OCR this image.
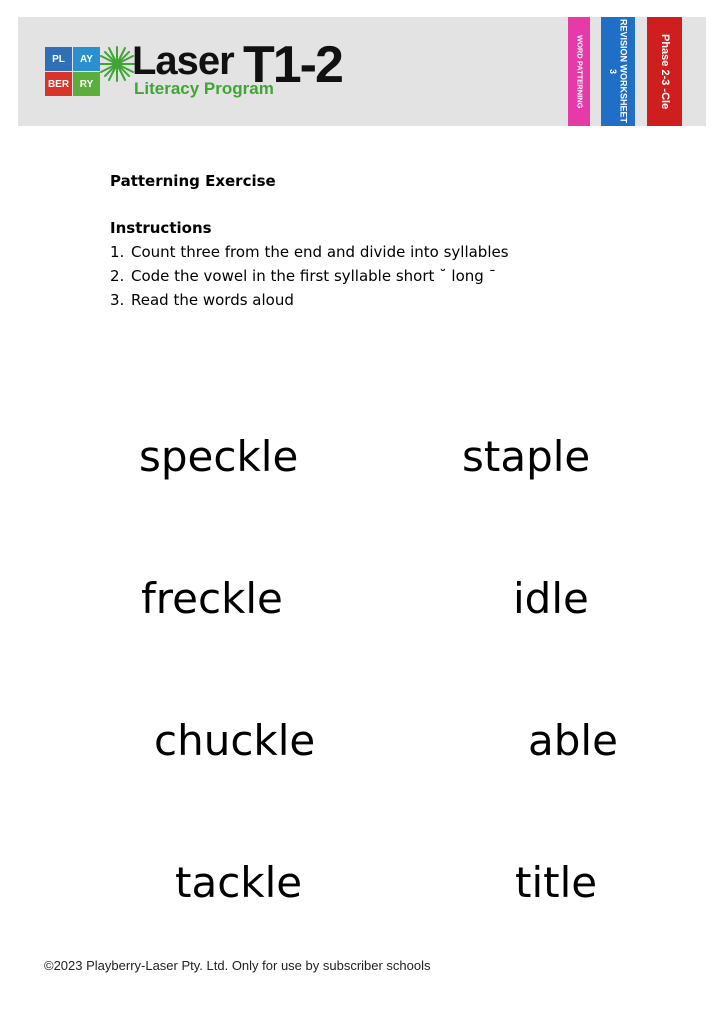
PL	AY
BER	RY
Laser T1-2
Literacy Program	WORD PATTERNING	REVISION WORKSHEET 3	Phase 2-3 -Cle
Patterning Exercise
Instructions
1. Count three from the end and divide into syllables
2. Code the vowel in the first syllable short ˘ long ¯
3. Read the words aloud
speckle	staple
freckle	idle
chuckle	able
tackle	title
©2023 Playberry-Laser Pty. Ltd. Only for use by subscriber schools
